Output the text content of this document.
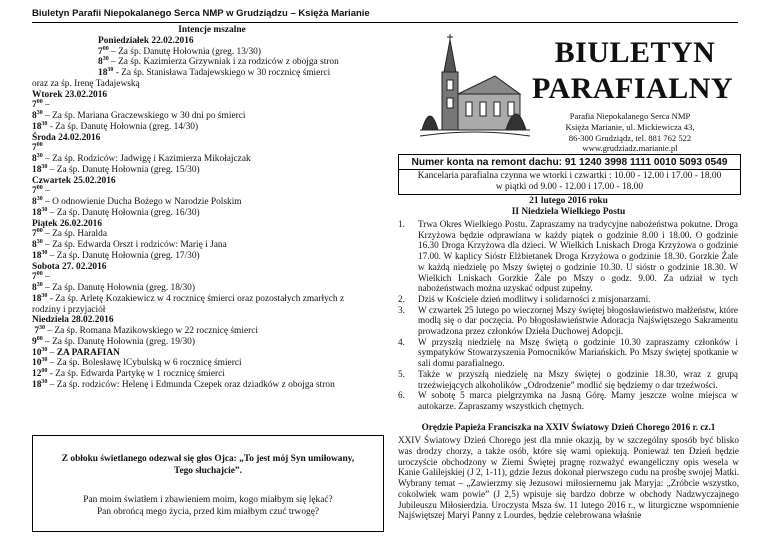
Biuletyn Parafii Niepokalanego Serca NMP w Grudziądzu – Księża Marianie
Intencje mszalne
Poniedziałek 22.02.2016
$7^{00}$ – Za śp. Danutę Hołownia (greg. 13/30)
$8^{30}$ – Za śp. Kazimierza Grzywniak i za rodziców z obojga stron
$18^{30}$ - Za śp. Stanisława Tadajewskiego w 30 rocznicę śmierci
oraz za śp. Irenę Tadajewską
Wtorek 23.02.2016
$7^{00}$ –
$8^{30}$ – Za śp. Mariana Graczewskiego w 30 dni po śmierci
$18^{30}$ - Za śp. Danutę Hołownia (greg. 14/30)
Środa 24.02.2016
$7^{00}$
$8^{30}$ – Za śp. Rodziców: Jadwigę i Kazimierza Mikołajczak
$18^{30}$ – Za śp. Danutę Hołownia (greg. 15/30)
Czwartek 25.02.2016
$7^{00}$ –
$8^{30}$ – O odnowienie Ducha Bożego w Narodzie Polskim
$18^{30}$ – Za śp. Danutę Hołownia (greg. 16/30)
Piątek 26.02.2016
$7^{00}$ – Za śp. Haralda
$8^{30}$ – Za śp. Edwarda Orszt i rodziców: Marię i Jana
$18^{30}$ – Za śp. Danutę Hołownia (greg. 17/30)
Sobota 27. 02.2016
$7^{00}$ –
$8^{30}$ – Za śp. Danutę Hołownia (greg. 18/30)
$18^{30}$ - Za śp. Arletę Kozakiewicz w 4 rocznicę śmierci oraz pozostałych zmarłych z
rodziny i przyjaciół
Niedziela 28.02.2016
$7^{30}$ – Za śp. Romana Mazikowskiego w 22 rocznicę śmierci
$9^{00}$ – Za śp. Danutę Hołownia (greg. 19/30)
$10^{30}$ – ZA PARAFIAN
$10^{30}$ – Za śp. Bolesławę lCybulską w 6 rocznicę śmierci
$12^{00}$ - Za śp. Edwarda Partykę w 1 rocznicę śmierci
$18^{30}$ – Za śp. rodziców: Helenę i Edmunda Czepek oraz dziadków z obojga stron
Z obłoku świetlanego odezwał się głos Ojca: „To jest mój Syn umiłowany,
Tego słuchajcie”.
Pan moim światłem i zbawieniem moim, kogo miałbym się lękać?
Pan obrońcą mego życia, przed kim miałbym czuć trwogę?
BIULETYN
PARAFIALNY
Parafia Niepokalanego Serca NMP
Księża Marianie, ul. Mickiewicza 43,
86-300 Grudziądz, tel. 881 762 522
www.grudziadz.marianie.pl
Numer konta na remont dachu: 91 1240 3998 1111 0010 5093 0549
Kancelaria parafialna czynna we wtorki i czwartki : 10.00 - 12.00 i 17.00 - 18.00
w piątki od 9.00 - 12.00 i 17.00 - 18.00
21 lutego 2016 roku
II Niedziela Wielkiego Postu
1. Trwa Okres Wielkiego Postu. Zapraszamy na tradycyjne nabożeństwa pokutne. Droga Krzyżowa będzie odprawiana w każdy piątek o godzinie 8.00 i 18.00. O godzinie 16.30 Droga Krzyżowa dla dzieci. W Wielkich Lniskach Droga Krzyżowa o godzinie 17.00. W kaplicy Sióstr Elżbietanek Droga Krzyżowa o godzinie 18.30. Gorzkie Żale w każdą niedzielę po Mszy świętej o godzinie 10.30. U sióstr o godzinie 18.30. W Wielkich Lniskach Gorzkie Żale po Mszy o godz. 9.00. Za udział w tych nabożeństwach można uzyskać odpust zupełny.
2. Dziś w Kościele dzień modlitwy i solidarności z misjonarzami.
3. W czwartek 25 lutego po wieczornej Mszy świętej błogosławieństwo małżeństw, które modlą się o dar poczęcia. Po błogosławieństwie Adoracja Najświętszego Sakramentu prowadzona przez członków Dzieła Duchowej Adopcji.
4. W przyszłą niedzielę na Mszę świętą o godzinie 10.30 zapraszamy członków i sympatyków Stowarzyszenia Pomocników Mariańskich. Po Mszy świętej spotkanie w sali domu parafialnego.
5. Także w przyszłą niedzielę na Mszy świętej o godzinie 18.30, wraz z grupą trzeźwiejących alkoholików „Odrodzenie” modlić się będziemy o dar trzeźwości.
6. W sobotę 5 marca pielgrzymka na Jasną Górę. Mamy jeszcze wolne miejsca w autokarze. Zapraszamy wszystkich chętnych.
Orędzie Papieża Franciszka na XXIV Światowy Dzień Chorego 2016 r. cz.1

XXIV Światowy Dzień Chorego jest dla mnie okazją, by w szczególny sposób być blisko was drodzy chorzy, a także osób, które się wami opiekują. Ponieważ ten Dzień będzie uroczyście obchodzony w Ziemi Świętej pragnę rozważyć ewangeliczny opis wesela w Kanie Galilejskiej (J 2, 1-11), gdzie Jezus dokonał pierwszego cudu na prośbę swojej Matki. Wybrany temat – „Zawierzmy się Jezusowi miłosiernemu jak Maryja: „Zróbcie wszystko, cokolwiek wam powie” (J 2,5) wpisuje się bardzo dobrze w obchody Nadzwyczajnego Jubileuszu Miłosierdzia. Uroczysta Msza św. 11 lutego 2016 r., w liturgiczne wspomnienie Najświętszej Maryi Panny z Lourdes, będzie celebrowana właśnie
